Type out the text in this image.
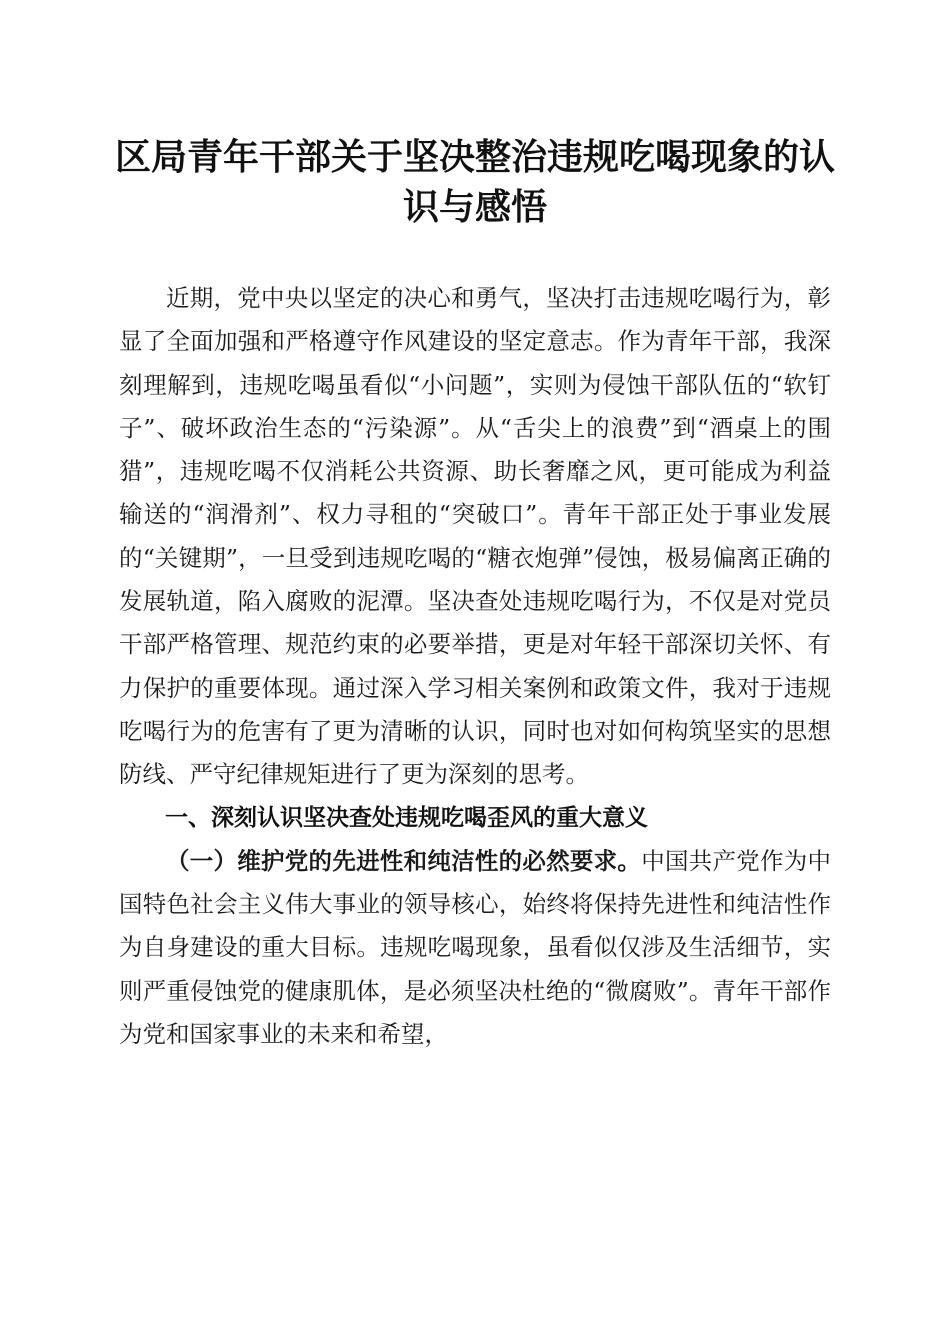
区局青年干部关于坚决整治违规吃喝现象的认识与感悟

近期，党中央以坚定的决心和勇气，坚决打击违规吃喝行为，彰显了全面加强和严格遵守作风建设的坚定意志。作为青年干部，我深刻理解到，违规吃喝虽看似“小问题”，实则为侵蚀干部队伍的“软钉子”、破坏政治生态的“污染源”。从“舌尖上的浪费”到“酒桌上的围猎”，违规吃喝不仅消耗公共资源、助长奢靡之风，更可能成为利益输送的“润滑剂”、权力寻租的“突破口”。青年干部正处于事业发展的“关键期”，一旦受到违规吃喝的“糖衣炮弹”侵蚀，极易偏离正确的发展轨道，陷入腐败的泥潭。坚决查处违规吃喝行为，不仅是对党员干部严格管理、规范约束的必要举措，更是对年轻干部深切关怀、有力保护的重要体现。通过深入学习相关案例和政策文件，我对于违规吃喝行为的危害有了更为清晰的认识，同时也对如何构筑坚实的思想防线、严守纪律规矩进行了更为深刻的思考。

一、深刻认识坚决查处违规吃喝歪风的重大意义

（一）维护党的先进性和纯洁性的必然要求。中国共产党作为中国特色社会主义伟大事业的领导核心，始终将保持先进性和纯洁性作为自身建设的重大目标。违规吃喝现象，虽看似仅涉及生活细节，实则严重侵蚀党的健康肌体，是必须坚决杜绝的“微腐败”。青年干部作为党和国家事业的未来和希望，
